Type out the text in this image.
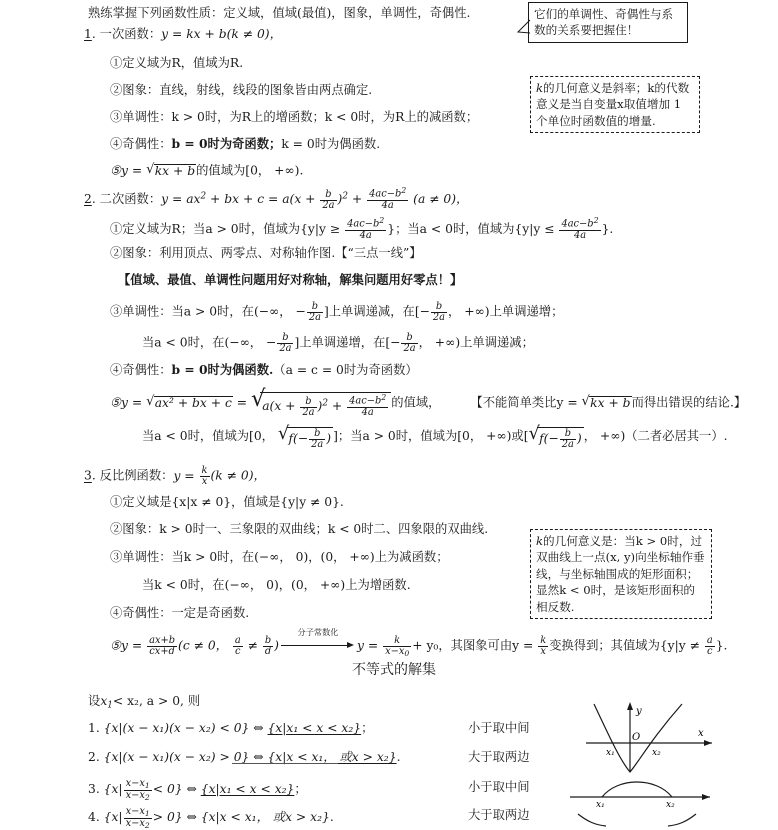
熟练掌握下列函数性质：定义域，值域(最值)，图象，单调性，奇偶性.	它们的单调性、奇偶性与系数的关系要把握住！
1. 一次函数：y = kx + b(k ≠ 0)，
①定义域为R，值域为R.
②图象：直线，射线，线段的图象皆由两点确定.
③单调性：k > 0时，为R上的增函数；k < 0时，为R上的减函数；
④奇偶性：b = 0时为奇函数；k = 0时为偶函数.
⑤y = √ kx + b的值域为[0， +∞).
k的几何意义是斜率；k的代数意义是当自变量x取值增加 1 个单位时函数值的增量.
2. 二次函数：$y = ax^2$ + bx + $c = a(x + \frac{b}{2a} )^2 + \frac{4ac-b^2}{4a} (a \ne 0)$，
①定义域为R；当a > 0时，值域为{$y|y \ge \frac{4ac-b^2}{4a}$ }；当a < 0时，值域为{$y|y \le \frac{4ac-b^2}{4a}$ }.
②图象：利用顶点、两零点、对称轴作图.【“三点一线”】
【值域、最值、单调性问题用好对称轴，解集问题用好零点！】
③单调性：当a > 0时，在(−∞， − $\frac{b}{2a}$ ]上单调递减，在[− $\frac{b}{2a}$ ， +∞)上单调递增；
当a < 0时，在(−∞， − $\frac{b}{2a}$ ]上单调递增，在[− $\frac{b}{2a}$ ， +∞)上单调递减；
④奇偶性：b = 0时为偶函数.（a = c = 0时为奇函数）
⑤y = √ ax² + bx + c = √ $a(x + \frac{b}{2a} )^2 + \frac{4ac-b^2}{4a}$ 的值域， 【不能简单类比y = √ kx + b而得出错误的结论.】
当a < 0时，值域为[0， √ $f(- \frac{b}{2a}$ ) ]；当a > 0时，值域为[0， +∞)或[ √ $f(- \frac{b}{2a}$ ) ， +∞)（二者必居其一）.
3. 反比例函数：$y = \frac{k}{x} (k \ne 0)$，
①定义域是{x|x ≠ 0}，值域是{y|y ≠ 0}.
②图象：k > 0时一、三象限的双曲线；k < 0时二、四象限的双曲线.
③单调性：当k > 0时，在(−∞， 0)，(0， +∞)上为减函数；
当k < 0时，在(−∞， 0)，(0， +∞)上为增函数.
④奇偶性：一定是奇函数.
⑤y = $\frac{ax+b}{cx+d} (c \ne 0$， $\frac{a}{c} \ne \frac{b}{d}$ )
分子常数化
$y = \frac{k}{x-x0} + y_0$，其图象可由$y = \frac{k}{x}$ 变换得到；其值域为{$y|y \ne \frac{a}{c}$ }.
k的几何意义是：当k > 0时，过双曲线上一点(x, y)向坐标轴作垂线，与坐标轴围成的矩形面积；显然k < 0时，是该矩形面积的相反数.
不等式的解集
设$x_1< x_2$, a > 0, 则
1. {x|(x − x₁)(x − x₂) < 0} ⇔ {x|x₁ < x < x₂}；	小于取中间
2. {x|(x − x₁)(x − x₂) > 0} ⇔ {x|x < x₁， 或x > x₂}.	大于取两边
3. $\{x| \frac{x-x1}{x-x2} < 0\}$ ⇔ {x|x₁ < x < x₂}；	小于取中间
4. $\{x| \frac{x-x1}{x-x2} > 0\}$ ⇔ {x|x < x₁， 或x > x₂}.	大于取两边
y
x
O
x₁	x₂
x₁	x₂
